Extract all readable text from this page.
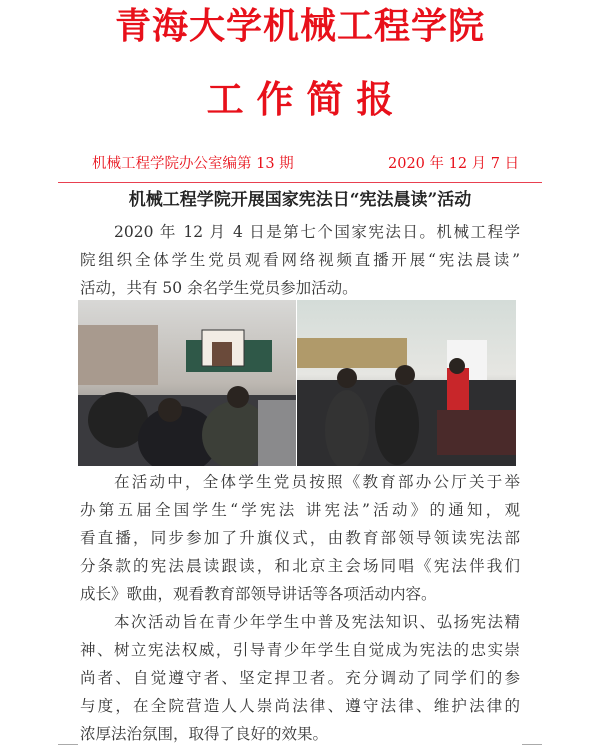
青海大学机械工程学院
工 作 简 报
机械工程学院办公室编第 13 期	2020 年 12 月 7 日
机械工程学院开展国家宪法日“宪法晨读”活动
2020 年 12 月 4 日是第七个国家宪法日。机械工程学
院组织全体学生党员观看网络视频直播开展“宪法晨读”
活动，共有 50 余名学生党员参加活动。
在活动中，全体学生党员按照《教育部办公厅关于举
办第五届全国学生“学宪法 讲宪法”活动》的通知，观
看直播，同步参加了升旗仪式，由教育部领导领读宪法部
分条款的宪法晨读跟读，和北京主会场同唱《宪法伴我们
成长》歌曲，观看教育部领导讲话等各项活动内容。
本次活动旨在青少年学生中普及宪法知识、弘扬宪法精
神、树立宪法权威，引导青少年学生自觉成为宪法的忠实崇
尚者、自觉遵守者、坚定捍卫者。充分调动了同学们的参
与度，在全院营造人人崇尚法律、遵守法律、维护法律的
浓厚法治氛围，取得了良好的效果。
